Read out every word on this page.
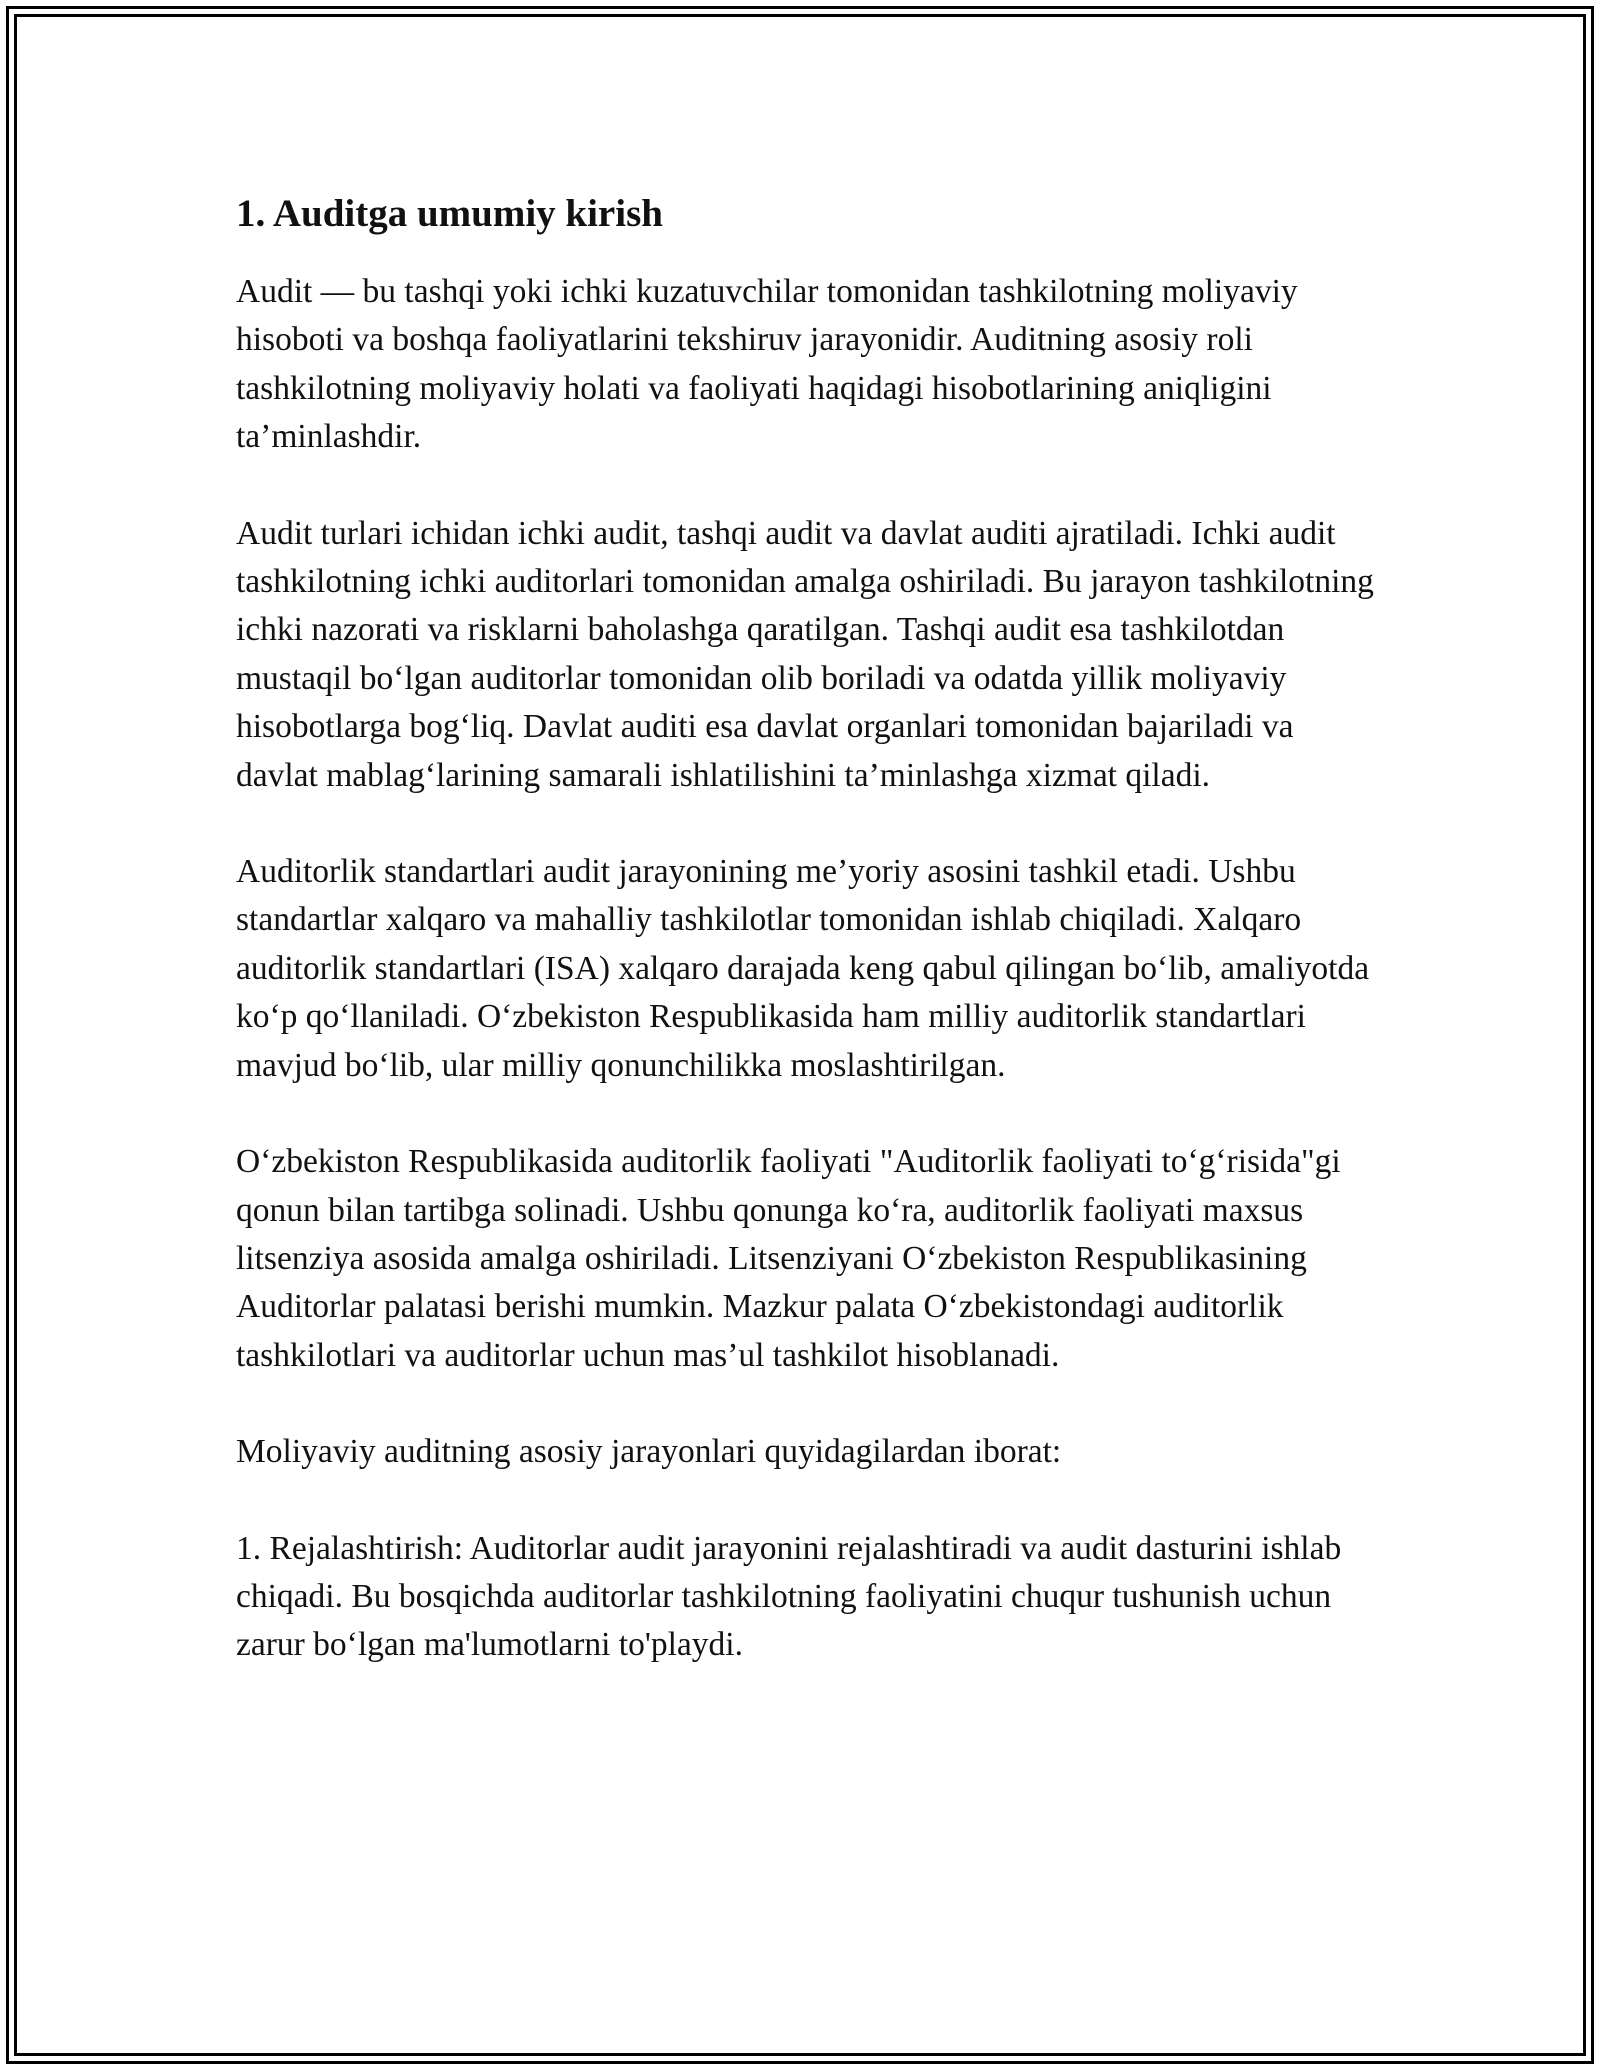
1. Auditga umumiy kirish

Audit — bu tashqi yoki ichki kuzatuvchilar tomonidan tashkilotning moliyaviy hisoboti va boshqa faoliyatlarini tekshiruv jarayonidir. Auditning asosiy roli tashkilotning moliyaviy holati va faoliyati haqidagi hisobotlarining aniqligini ta’minlashdir.

Audit turlari ichidan ichki audit, tashqi audit va davlat auditi ajratiladi. Ichki audit tashkilotning ichki auditorlari tomonidan amalga oshiriladi. Bu jarayon tashkilotning ichki nazorati va risklarni baholashga qaratilgan. Tashqi audit esa tashkilotdan mustaqil bo‘lgan auditorlar tomonidan olib boriladi va odatda yillik moliyaviy hisobotlarga bog‘liq. Davlat auditi esa davlat organlari tomonidan bajariladi va davlat mablag‘larining samarali ishlatilishini ta’minlashga xizmat qiladi.

Auditorlik standartlari audit jarayonining me’yoriy asosini tashkil etadi. Ushbu standartlar xalqaro va mahalliy tashkilotlar tomonidan ishlab chiqiladi. Xalqaro auditorlik standartlari (ISA) xalqaro darajada keng qabul qilingan bo‘lib, amaliyotda ko‘p qo‘llaniladi. O‘zbekiston Respublikasida ham milliy auditorlik standartlari mavjud bo‘lib, ular milliy qonunchilikka moslashtirilgan.

O‘zbekiston Respublikasida auditorlik faoliyati "Auditorlik faoliyati to‘g‘risida"gi qonun bilan tartibga solinadi. Ushbu qonunga ko‘ra, auditorlik faoliyati maxsus litsenziya asosida amalga oshiriladi. Litsenziyani O‘zbekiston Respublikasining Auditorlar palatasi berishi mumkin. Mazkur palata O‘zbekistondagi auditorlik tashkilotlari va auditorlar uchun mas’ul tashkilot hisoblanadi.

Moliyaviy auditning asosiy jarayonlari quyidagilardan iborat:

1. Rejalashtirish: Auditorlar audit jarayonini rejalashtiradi va audit dasturini ishlab chiqadi. Bu bosqichda auditorlar tashkilotning faoliyatini chuqur tushunish uchun zarur bo‘lgan ma'lumotlarni to'playdi.
